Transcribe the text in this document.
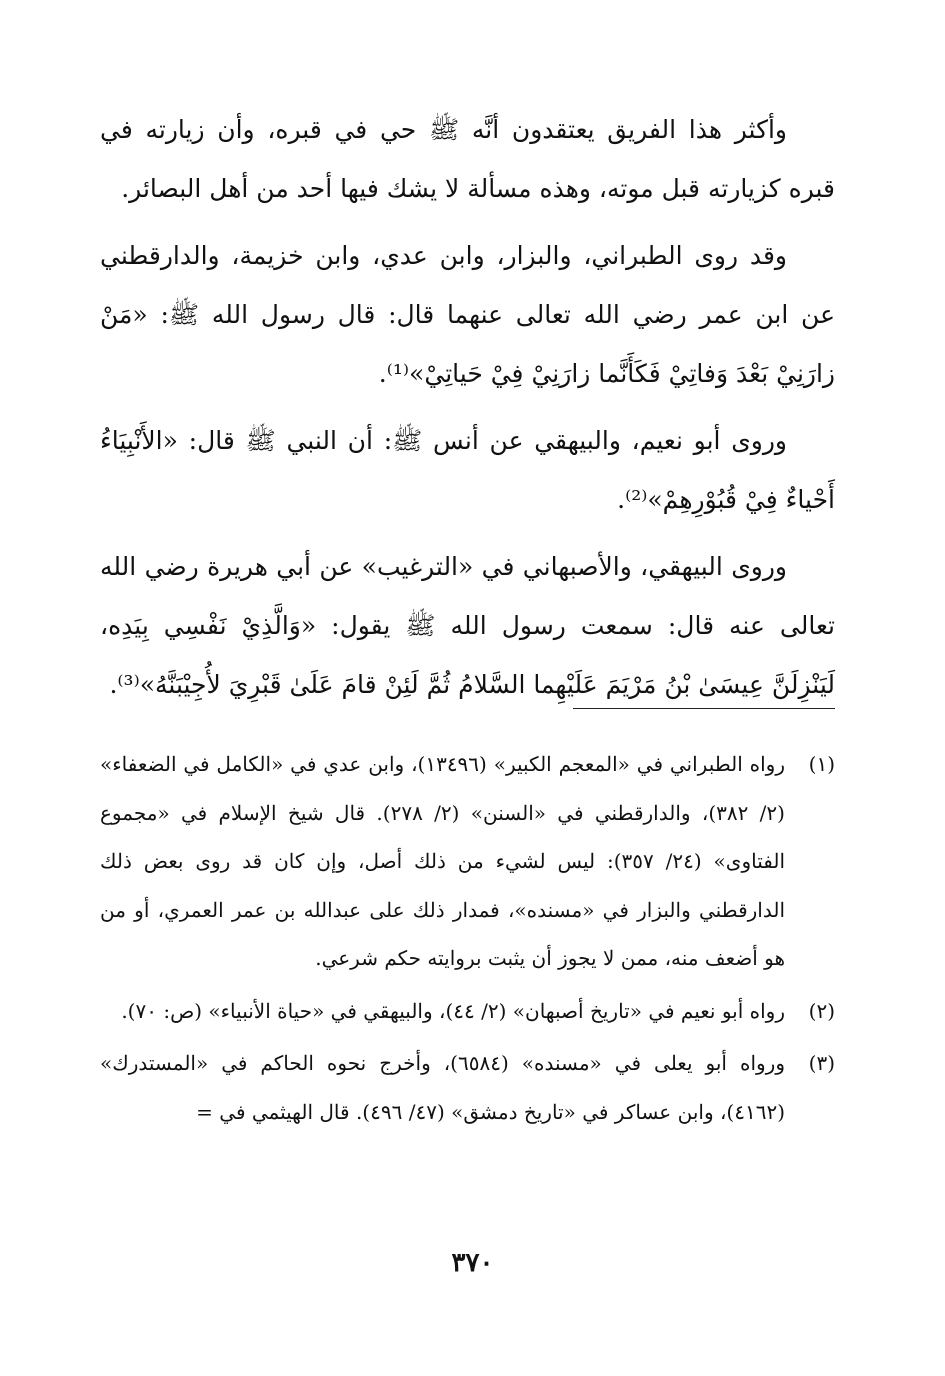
وأكثر هذا الفريق يعتقدون أنَّه ﷺ حي في قبره، وأن زيارته في قبره كزيارته قبل موته، وهذه مسألة لا يشك فيها أحد من أهل البصائر.

وقد روى الطبراني، والبزار، وابن عدي، وابن خزيمة، والدارقطني عن ابن عمر رضي الله تعالى عنهما قال: قال رسول الله ﷺ: «مَنْ زارَنِيْ بَعْدَ وَفاتِيْ فَكَأَنَّما زارَنِيْ فِيْ حَياتِيْ»⁽¹⁾.

وروى أبو نعيم، والبيهقي عن أنس ﷺ: أن النبي ﷺ قال: «الأَنْبِيَاءُ أَحْياءٌ فِيْ قُبُوْرِهِمْ»⁽²⁾.

وروى البيهقي، والأصبهاني في «الترغيب» عن أبي هريرة رضي الله تعالى عنه قال: سمعت رسول الله ﷺ يقول: «وَالَّذِيْ نَفْسِي بِيَدِه، لَيَنْزِلَنَّ عِيسَىٰ بْنُ مَرْيَمَ عَلَيْهِما السَّلامُ ثُمَّ لَئِنْ قامَ عَلَىٰ قَبْرِيَ لأُجِيْبَنَّهُ»⁽³⁾.

(١)
رواه الطبراني في «المعجم الكبير» (١٣٤٩٦)، وابن عدي في «الكامل في الضعفاء» (٢/ ٣٨٢)، والدارقطني في «السنن» (٢/ ٢٧٨). قال شيخ الإسلام في «مجموع الفتاوى» (٢٤/ ٣٥٧): ليس لشيء من ذلك أصل، وإن كان قد روى بعض ذلك الدارقطني والبزار في «مسنده»، فمدار ذلك على عبدالله بن عمر العمري، أو من هو أضعف منه، ممن لا يجوز أن يثبت بروايته حكم شرعي.
(٢)
رواه أبو نعيم في «تاريخ أصبهان» (٢/ ٤٤)، والبيهقي في «حياة الأنبياء» (ص: ٧٠).
(٣)
ورواه أبو يعلى في «مسنده» (٦٥٨٤)، وأخرج نحوه الحاكم في «المستدرك» (٤١٦٢)، وابن عساكر في «تاريخ دمشق» (٤٧/ ٤٩٦). قال الهيثمي في =
٣٧٠
